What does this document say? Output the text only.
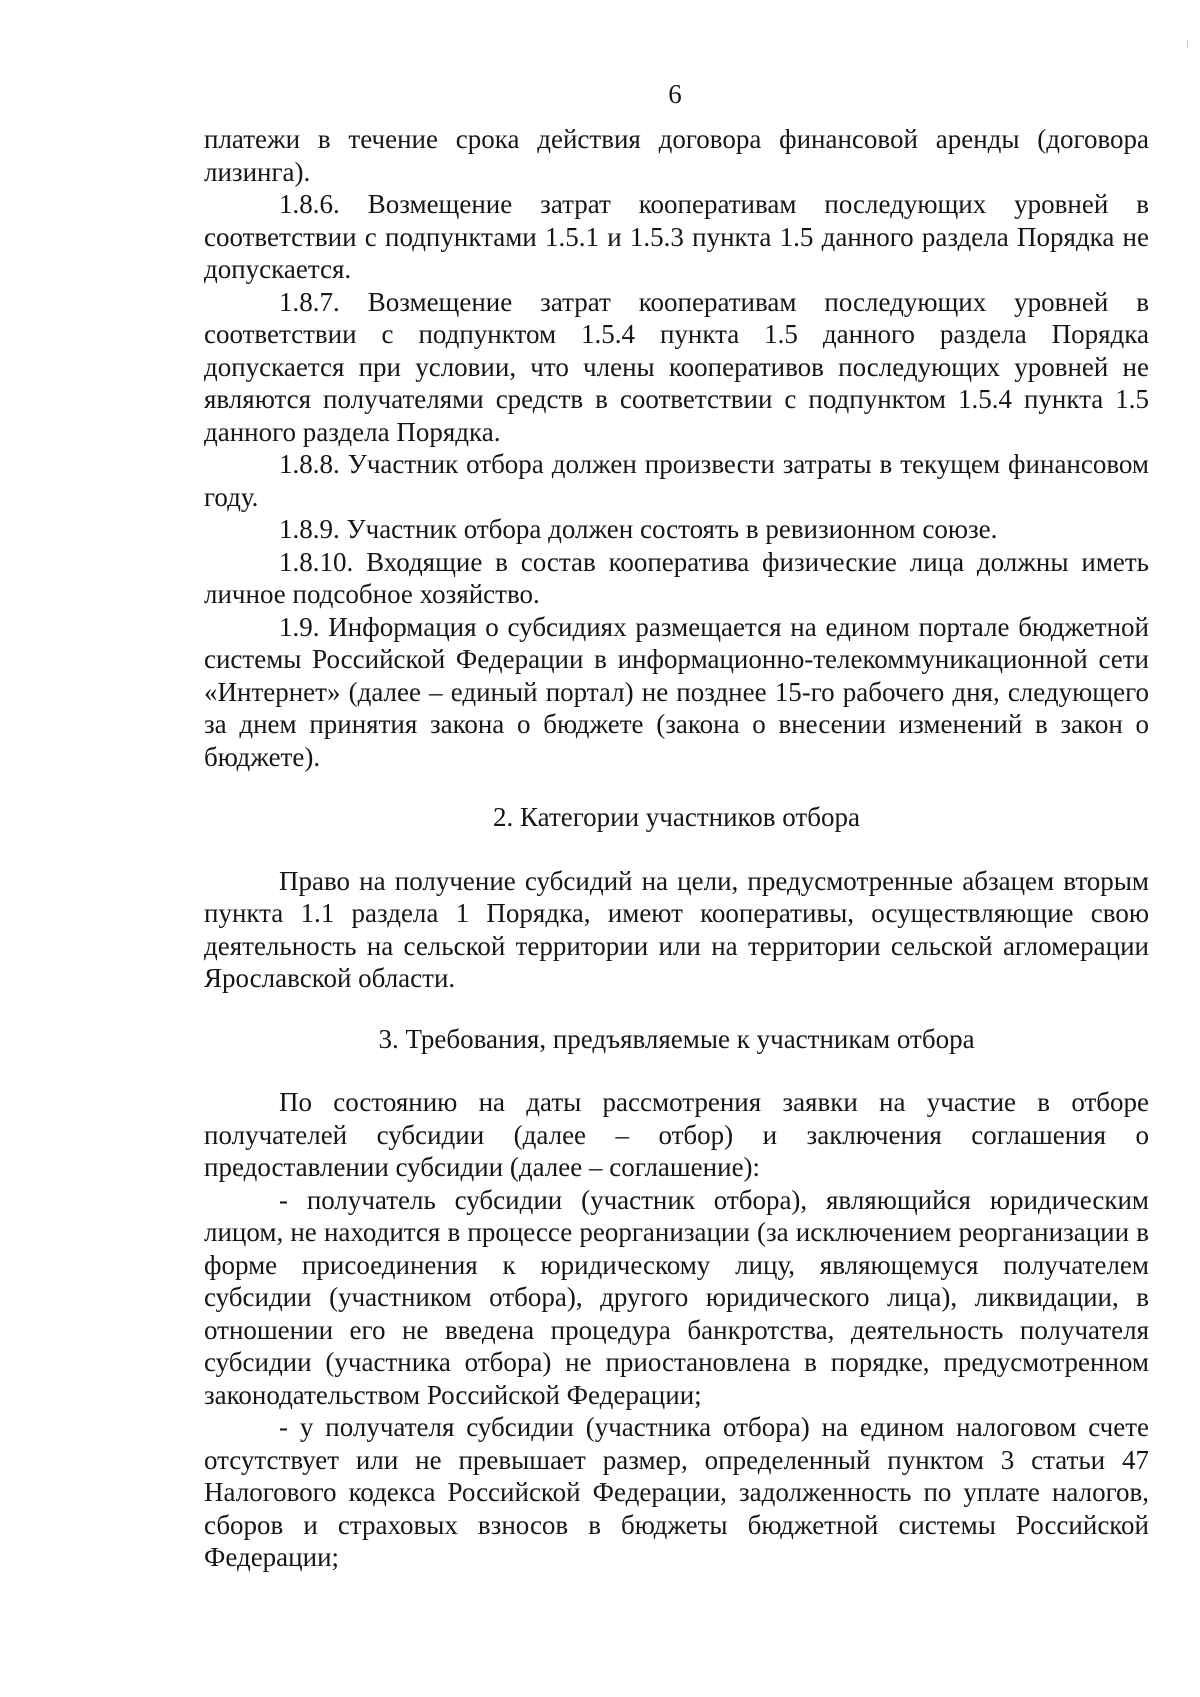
6

платежи в течение срока действия договора финансовой аренды (договора лизинга).

1.8.6. Возмещение затрат кооперативам последующих уровней в соответствии с подпунктами 1.5.1 и 1.5.3 пункта 1.5 данного раздела Порядка не допускается.

1.8.7. Возмещение затрат кооперативам последующих уровней в соответствии с подпунктом 1.5.4 пункта 1.5 данного раздела Порядка допускается при условии, что члены кооперативов последующих уровней не являются получателями средств в соответствии с подпунктом 1.5.4 пункта 1.5 данного раздела Порядка.

1.8.8. Участник отбора должен произвести затраты в текущем финансовом году.

1.8.9. Участник отбора должен состоять в ревизионном союзе.

1.8.10. Входящие в состав кооператива физические лица должны иметь личное подсобное хозяйство.

1.9. Информация о субсидиях размещается на едином портале бюджетной системы Российской Федерации в информационно-телекоммуникационной сети «Интернет» (далее – единый портал) не позднее 15-го рабочего дня, следующего за днем принятия закона о бюджете (закона о внесении изменений в закон о бюджете).

2. Категории участников отбора

Право на получение субсидий на цели, предусмотренные абзацем вторым пункта 1.1 раздела 1 Порядка, имеют кооперативы, осуществляющие свою деятельность на сельской территории или на территории сельской агломерации Ярославской области.

3. Требования, предъявляемые к участникам отбора

По состоянию на даты рассмотрения заявки на участие в отборе получателей субсидии (далее – отбор) и заключения соглашения о предоставлении субсидии (далее – соглашение):

- получатель субсидии (участник отбора), являющийся юридическим лицом, не находится в процессе реорганизации (за исключением реорганизации в форме присоединения к юридическому лицу, являющемуся получателем субсидии (участником отбора), другого юридического лица), ликвидации, в отношении его не введена процедура банкротства, деятельность получателя субсидии (участника отбора) не приостановлена в порядке, предусмотренном законодательством Российской Федерации;

- у получателя субсидии (участника отбора) на едином налоговом счете отсутствует или не превышает размер, определенный пунктом 3 статьи 47 Налогового кодекса Российской Федерации, задолженность по уплате налогов, сборов и страховых взносов в бюджеты бюджетной системы Российской Федерации;
